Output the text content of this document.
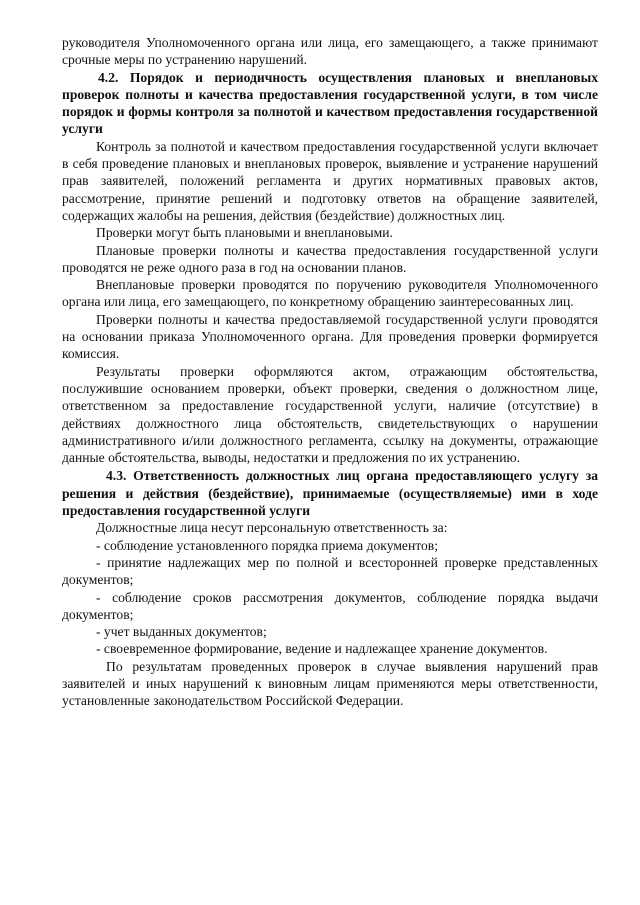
руководителя Уполномоченного органа или лица, его замещающего, а также принимают срочные меры по устранению нарушений.

4.2. Порядок и периодичность осуществления плановых и внеплановых проверок полноты и качества предоставления государственной услуги, в том числе порядок и формы контроля за полнотой и качеством предоставления государственной услуги

Контроль за полнотой и качеством предоставления государственной услуги включает в себя проведение плановых и внеплановых проверок, выявление и устранение нарушений прав заявителей, положений регламента и других нормативных правовых актов, рассмотрение, принятие решений и подготовку ответов на обращение заявителей, содержащих жалобы на решения, действия (бездействие) должностных лиц.

Проверки могут быть плановыми и внеплановыми.

Плановые проверки полноты и качества предоставления государственной услуги проводятся не реже одного раза в год на основании планов.

Внеплановые проверки проводятся по поручению руководителя Уполномоченного органа или лица, его замещающего, по конкретному обращению заинтересованных лиц.

Проверки полноты и качества предоставляемой государственной услуги проводятся на основании приказа Уполномоченного органа. Для проведения проверки формируется комиссия.

Результаты проверки оформляются актом, отражающим обстоятельства, послужившие основанием проверки, объект проверки, сведения о должностном лице, ответственном за предоставление государственной услуги, наличие (отсутствие) в действиях должностного лица обстоятельств, свидетельствующих о нарушении административного и/или должностного регламента, ссылку на документы, отражающие данные обстоятельства, выводы, недостатки и предложения по их устранению.

4.3. Ответственность должностных лиц органа предоставляющего услугу за решения и действия (бездействие), принимаемые (осуществляемые) ими в ходе предоставления государственной услуги

Должностные лица несут персональную ответственность за:

- соблюдение установленного порядка приема документов;

- принятие надлежащих мер по полной и всесторонней проверке представленных документов;

- соблюдение сроков рассмотрения документов, соблюдение порядка выдачи документов;

- учет выданных документов;

- своевременное формирование, ведение и надлежащее хранение документов.

По результатам проведенных проверок в случае выявления нарушений прав заявителей и иных нарушений к виновным лицам применяются меры ответственности, установленные законодательством Российской Федерации.
